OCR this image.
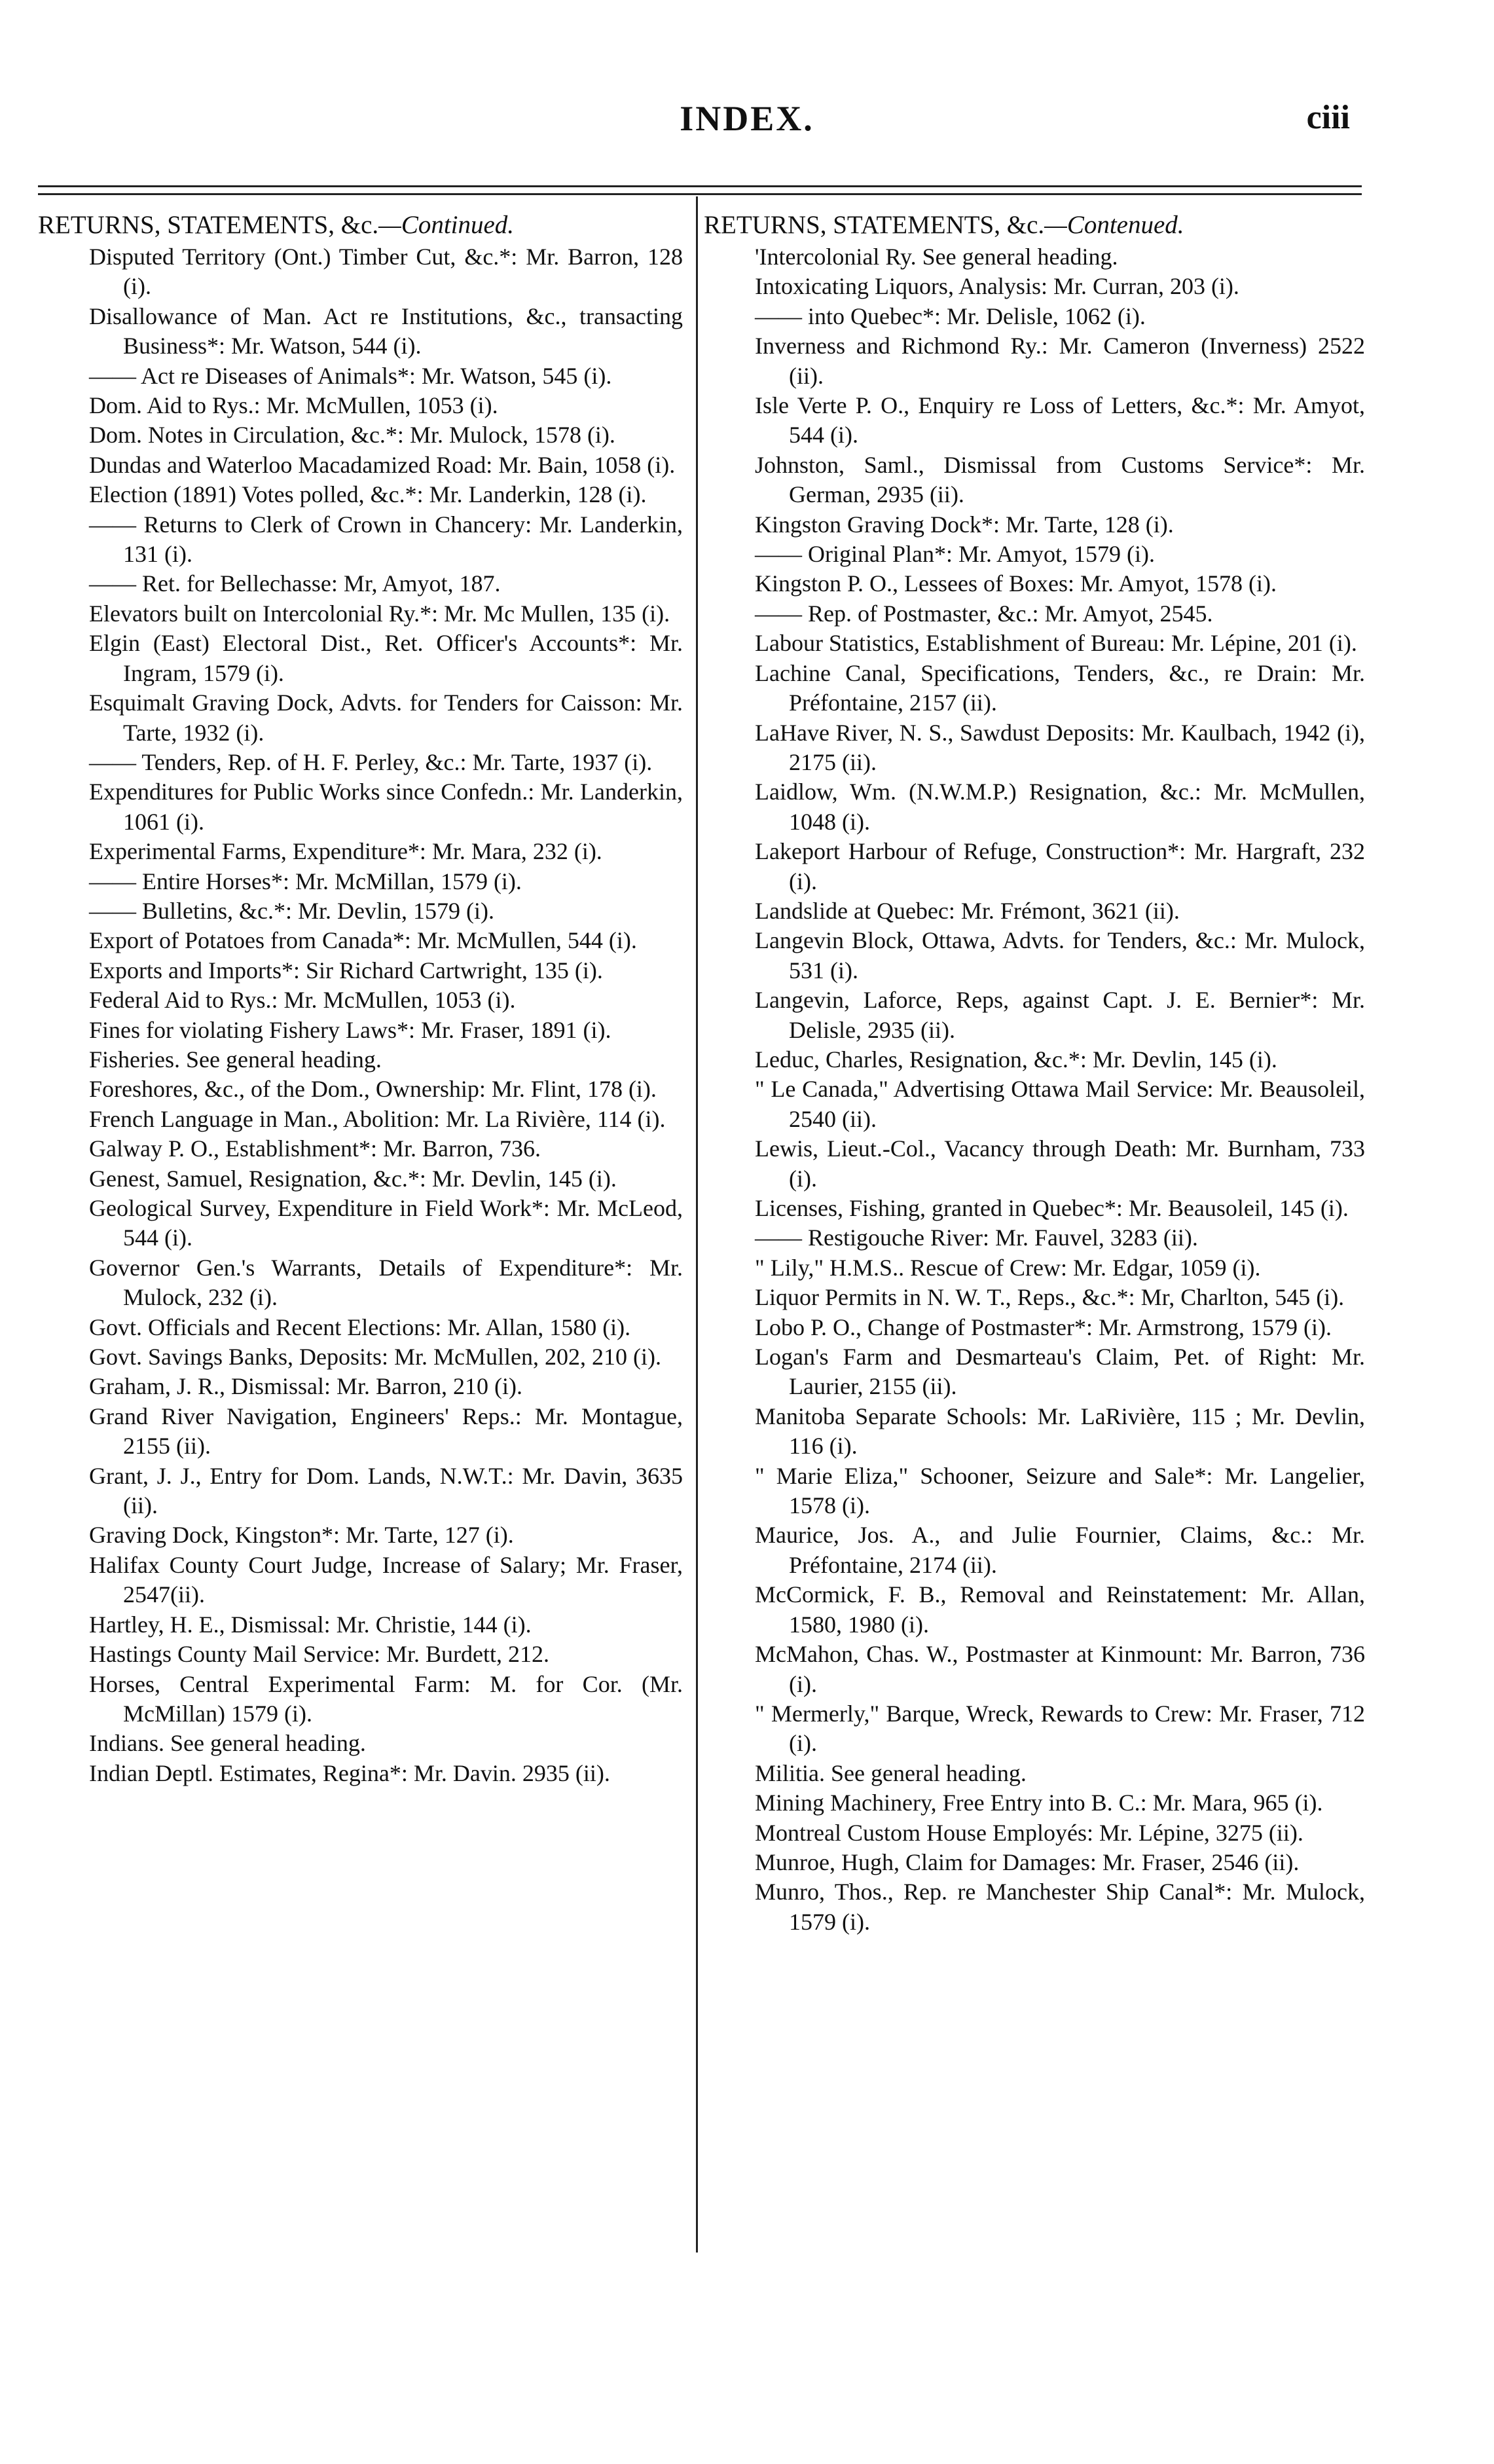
INDEX.	ciii
RETURNS, STATEMENTS, &c.—Continued.
Disputed Territory (Ont.) Timber Cut, &c.*: Mr. Barron, 128 (i).
Disallowance of Man. Act re Institutions, &c., transacting Business*: Mr. Watson, 544 (i).
—— Act re Diseases of Animals*: Mr. Watson, 545 (i).
Dom. Aid to Rys.: Mr. McMullen, 1053 (i).
Dom. Notes in Circulation, &c.*: Mr. Mulock, 1578 (i).
Dundas and Waterloo Macadamized Road: Mr. Bain, 1058 (i).
Election (1891) Votes polled, &c.*: Mr. Landerkin, 128 (i).
—— Returns to Clerk of Crown in Chancery: Mr. Landerkin, 131 (i).
—— Ret. for Bellechasse: Mr, Amyot, 187.
Elevators built on Intercolonial Ry.*: Mr. Mc Mullen, 135 (i).
Elgin (East) Electoral Dist., Ret. Officer's Accounts*: Mr. Ingram, 1579 (i).
Esquimalt Graving Dock, Advts. for Tenders for Caisson: Mr. Tarte, 1932 (i).
—— Tenders, Rep. of H. F. Perley, &c.: Mr. Tarte, 1937 (i).
Expenditures for Public Works since Confedn.: Mr. Landerkin, 1061 (i).
Experimental Farms, Expenditure*: Mr. Mara, 232 (i).
—— Entire Horses*: Mr. McMillan, 1579 (i).
—— Bulletins, &c.*: Mr. Devlin, 1579 (i).
Export of Potatoes from Canada*: Mr. McMullen, 544 (i).
Exports and Imports*: Sir Richard Cartwright, 135 (i).
Federal Aid to Rys.: Mr. McMullen, 1053 (i).
Fines for violating Fishery Laws*: Mr. Fraser, 1891 (i).
Fisheries. See general heading.
Foreshores, &c., of the Dom., Ownership: Mr. Flint, 178 (i).
French Language in Man., Abolition: Mr. La Rivière, 114 (i).
Galway P. O., Establishment*: Mr. Barron, 736.
Genest, Samuel, Resignation, &c.*: Mr. Devlin, 145 (i).
Geological Survey, Expenditure in Field Work*: Mr. McLeod, 544 (i).
Governor Gen.'s Warrants, Details of Expenditure*: Mr. Mulock, 232 (i).
Govt. Officials and Recent Elections: Mr. Allan, 1580 (i).
Govt. Savings Banks, Deposits: Mr. McMullen, 202, 210 (i).
Graham, J. R., Dismissal: Mr. Barron, 210 (i).
Grand River Navigation, Engineers' Reps.: Mr. Montague, 2155 (ii).
Grant, J. J., Entry for Dom. Lands, N.W.T.: Mr. Davin, 3635 (ii).
Graving Dock, Kingston*: Mr. Tarte, 127 (i).
Halifax County Court Judge, Increase of Salary; Mr. Fraser, 2547(ii).
Hartley, H. E., Dismissal: Mr. Christie, 144 (i).
Hastings County Mail Service: Mr. Burdett, 212.
Horses, Central Experimental Farm: M. for Cor. (Mr. McMillan) 1579 (i).
Indians. See general heading.
Indian Deptl. Estimates, Regina*: Mr. Davin. 2935 (ii).
RETURNS, STATEMENTS, &c.—Contenued.
'Intercolonial Ry. See general heading.
Intoxicating Liquors, Analysis: Mr. Curran, 203 (i).
—— into Quebec*: Mr. Delisle, 1062 (i).
Inverness and Richmond Ry.: Mr. Cameron (Inverness) 2522 (ii).
Isle Verte P. O., Enquiry re Loss of Letters, &c.*: Mr. Amyot, 544 (i).
Johnston, Saml., Dismissal from Customs Service*: Mr. German, 2935 (ii).
Kingston Graving Dock*: Mr. Tarte, 128 (i).
—— Original Plan*: Mr. Amyot, 1579 (i).
Kingston P. O., Lessees of Boxes: Mr. Amyot, 1578 (i).
—— Rep. of Postmaster, &c.: Mr. Amyot, 2545.
Labour Statistics, Establishment of Bureau: Mr. Lépine, 201 (i).
Lachine Canal, Specifications, Tenders, &c., re Drain: Mr. Préfontaine, 2157 (ii).
LaHave River, N. S., Sawdust Deposits: Mr. Kaulbach, 1942 (i), 2175 (ii).
Laidlow, Wm. (N.W.M.P.) Resignation, &c.: Mr. McMullen, 1048 (i).
Lakeport Harbour of Refuge, Construction*: Mr. Hargraft, 232 (i).
Landslide at Quebec: Mr. Frémont, 3621 (ii).
Langevin Block, Ottawa, Advts. for Tenders, &c.: Mr. Mulock, 531 (i).
Langevin, Laforce, Reps, against Capt. J. E. Bernier*: Mr. Delisle, 2935 (ii).
Leduc, Charles, Resignation, &c.*: Mr. Devlin, 145 (i).
" Le Canada," Advertising Ottawa Mail Service: Mr. Beausoleil, 2540 (ii).
Lewis, Lieut.-Col., Vacancy through Death: Mr. Burnham, 733 (i).
Licenses, Fishing, granted in Quebec*: Mr. Beausoleil, 145 (i).
—— Restigouche River: Mr. Fauvel, 3283 (ii).
" Lily," H.M.S.. Rescue of Crew: Mr. Edgar, 1059 (i).
Liquor Permits in N. W. T., Reps., &c.*: Mr, Charlton, 545 (i).
Lobo P. O., Change of Postmaster*: Mr. Armstrong, 1579 (i).
Logan's Farm and Desmarteau's Claim, Pet. of Right: Mr. Laurier, 2155 (ii).
Manitoba Separate Schools: Mr. LaRivière, 115 ; Mr. Devlin, 116 (i).
" Marie Eliza," Schooner, Seizure and Sale*: Mr. Langelier, 1578 (i).
Maurice, Jos. A., and Julie Fournier, Claims, &c.: Mr. Préfontaine, 2174 (ii).
McCormick, F. B., Removal and Reinstatement: Mr. Allan, 1580, 1980 (i).
McMahon, Chas. W., Postmaster at Kinmount: Mr. Barron, 736 (i).
" Mermerly," Barque, Wreck, Rewards to Crew: Mr. Fraser, 712 (i).
Militia. See general heading.
Mining Machinery, Free Entry into B. C.: Mr. Mara, 965 (i).
Montreal Custom House Employés: Mr. Lépine, 3275 (ii).
Munroe, Hugh, Claim for Damages: Mr. Fraser, 2546 (ii).
Munro, Thos., Rep. re Manchester Ship Canal*: Mr. Mulock, 1579 (i).
